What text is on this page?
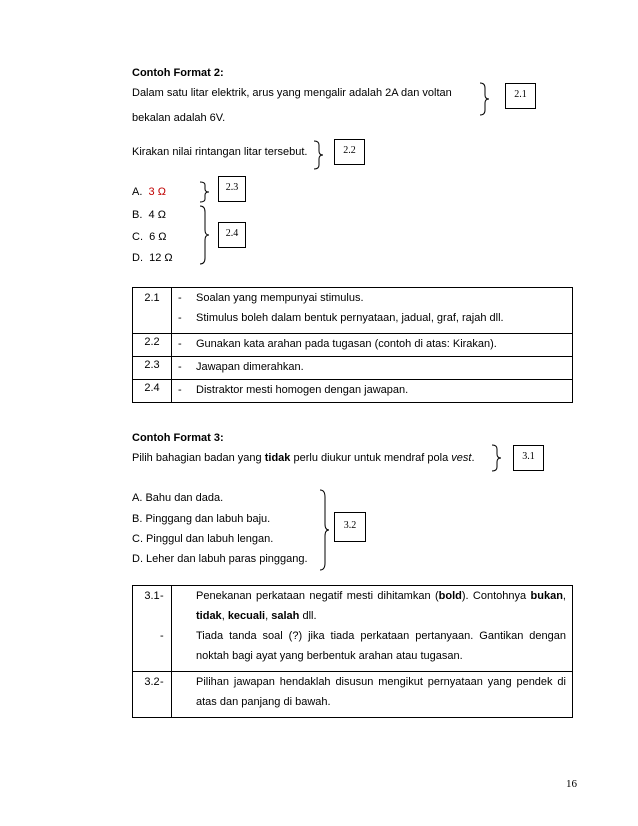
Contoh Format 2:
Dalam satu litar elektrik, arus yang mengalir adalah 2A dan voltan
bekalan adalah 6V.
Kirakan nilai rintangan litar tersebut.
A. 3 Ω
B. 4 Ω
C. 6 Ω
D. 12 Ω
2.1
2.2
2.3
2.4
2.1	- Soalan yang mempunyai stimulus.
- Stimulus boleh dalam bentuk pernyataan, jadual, graf, rajah dll.

2.2	- Gunakan kata arahan pada tugasan (contoh di atas: Kirakan).

2.3	- Jawapan dimerahkan.

2.4	- Distraktor mesti homogen dengan jawapan.
Contoh Format 3:
Pilih bahagian badan yang tidak perlu diukur untuk mendraf pola vest.
A. Bahu dan dada.
B. Pinggang dan labuh baju.
C. Pinggul dan labuh lengan.
D. Leher dan labuh paras pinggang.
3.1
3.2
3.1	- Penekanan perkataan negatif mesti dihitamkan (bold). Contohnya bukan, tidak, kecuali, salah dll.
- Tiada tanda soal (?) jika tiada perkataan pertanyaan. Gantikan dengan noktah bagi ayat yang berbentuk arahan atau tugasan.

3.2	- Pilihan jawapan hendaklah disusun mengikut pernyataan yang pendek di atas dan panjang di bawah.
16
